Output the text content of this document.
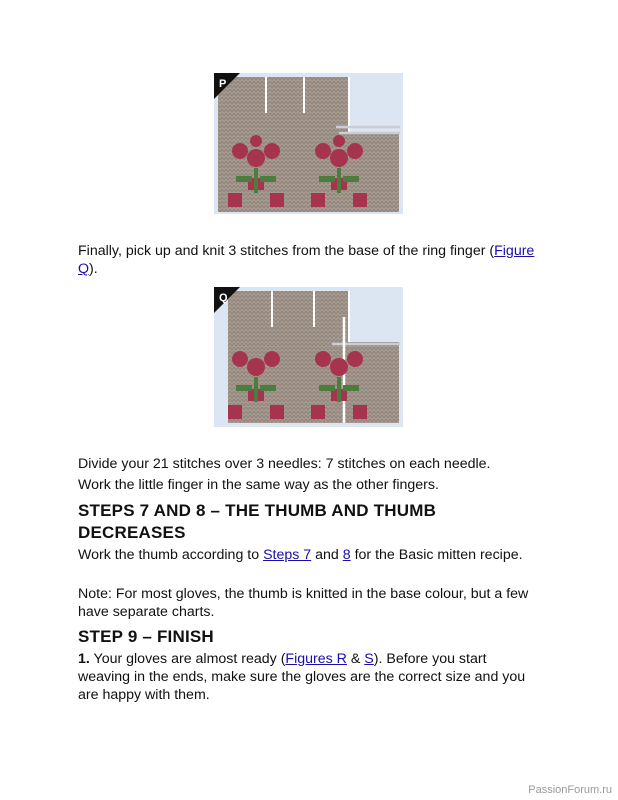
P

Finally, pick up and knit 3 stitches from the base of the ring finger (Figure Q).

Q

Divide your 21 stitches over 3 needles: 7 stitches on each needle.

Work the little finger in the same way as the other fingers.

STEPS 7 AND 8 – THE THUMB AND THUMB DECREASES

Work the thumb according to Steps 7 and 8 for the Basic mitten recipe.

Note: For most gloves, the thumb is knitted in the base colour, but a few have separate charts.

STEP 9 – FINISH

1. Your gloves are almost ready (Figures R & S). Before you start weaving in the ends, make sure the gloves are the correct size and you are happy with them.

PassionForum.ru
